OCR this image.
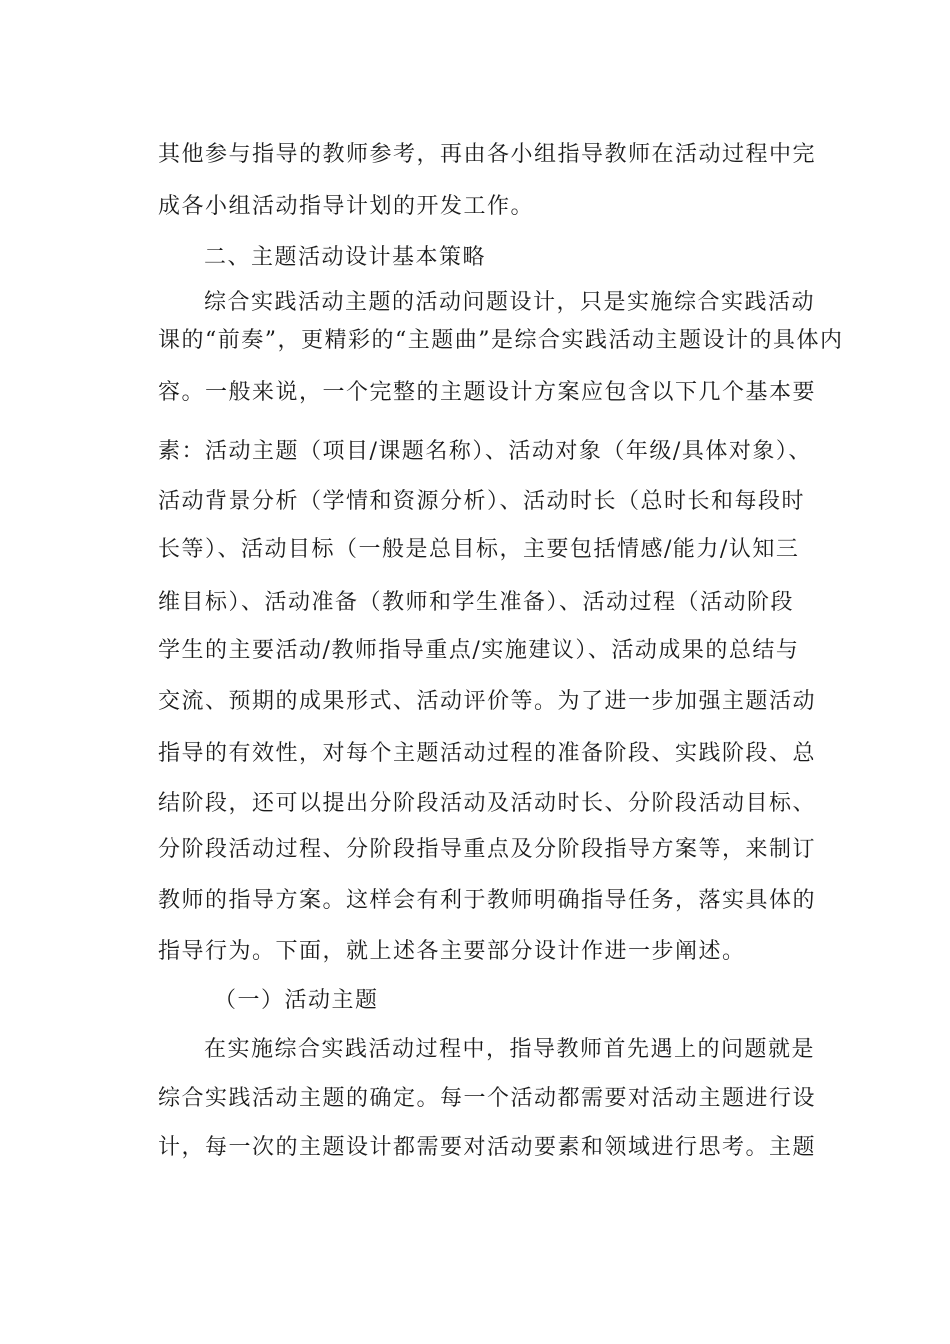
其他参与指导的教师参考，再由各小组指导教师在活动过程中完
成各小组活动指导计划的开发工作。
二、主题活动设计基本策略
综合实践活动主题的活动问题设计，只是实施综合实践活动
课的“前奏”，更精彩的“主题曲”是综合实践活动主题设计的具体内
容。一般来说，一个完整的主题设计方案应包含以下几个基本要
素：活动主题（项目/课题名称）、活动对象（年级/具体对象）、
活动背景分析（学情和资源分析）、活动时长（总时长和每段时
长等）、活动目标（一般是总目标，主要包括情感/能力/认知三
维目标）、活动准备（教师和学生准备）、活动过程（活动阶段
学生的主要活动/教师指导重点/实施建议）、活动成果的总结与
交流、预期的成果形式、活动评价等。为了进一步加强主题活动
指导的有效性，对每个主题活动过程的准备阶段、实践阶段、总
结阶段，还可以提出分阶段活动及活动时长、分阶段活动目标、
分阶段活动过程、分阶段指导重点及分阶段指导方案等，来制订
教师的指导方案。这样会有利于教师明确指导任务，落实具体的
指导行为。下面，就上述各主要部分设计作进一步阐述。
（一）活动主题
在实施综合实践活动过程中，指导教师首先遇上的问题就是
综合实践活动主题的确定。每一个活动都需要对活动主题进行设
计，每一次的主题设计都需要对活动要素和领域进行思考。主题
